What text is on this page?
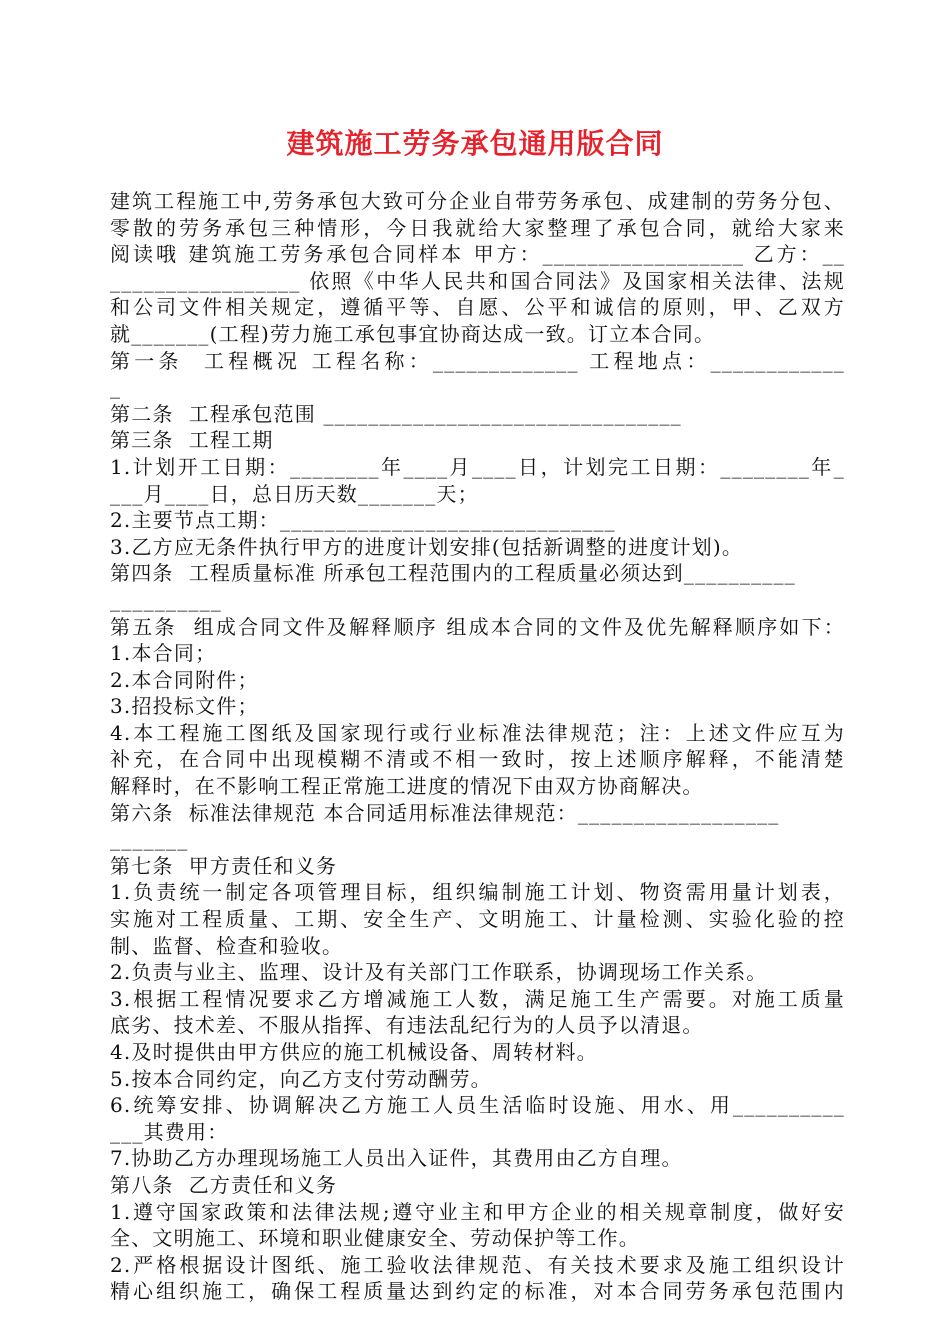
建筑施工劳务承包通用版合同
建筑工程施工中,劳务承包大致可分企业自带劳务承包、成建制的劳务分包、
零散的劳务承包三种情形，今日我就给大家整理了承包合同，就给大家来
阅读哦 建筑施工劳务承包合同样本 甲方：__________________ 乙方：__
_________________ 依照《中华人民共和国合同法》及国家相关法律、法规
和公司文件相关规定，遵循平等、自愿、公平和诚信的原则，甲、乙双方
就_______(工程)劳力施工承包事宜协商达成一致。订立本合同。
第一条  工程概况 工程名称：_____________ 工程地点：____________
_
第二条  工程承包范围 ________________________________
第三条  工程工期
1.计划开工日期：________年____月____日，计划完工日期：________年_
___月____日，总日历天数_______天；
2.主要节点工期：______________________________
3.乙方应无条件执行甲方的进度计划安排(包括新调整的进度计划)。
第四条  工程质量标准 所承包工程范围内的工程质量必须达到__________
__________
第五条  组成合同文件及解释顺序 组成本合同的文件及优先解释顺序如下：
1.本合同；
2.本合同附件；
3.招投标文件；
4.本工程施工图纸及国家现行或行业标准法律规范；注：上述文件应互为
补充，在合同中出现模糊不清或不相一致时，按上述顺序解释，不能清楚
解释时，在不影响工程正常施工进度的情况下由双方协商解决。
第六条  标准法律规范 本合同适用标准法律规范：__________________
_______
第七条  甲方责任和义务
1.负责统一制定各项管理目标，组织编制施工计划、物资需用量计划表，
实施对工程质量、工期、安全生产、文明施工、计量检测、实验化验的控
制、监督、检查和验收。
2.负责与业主、监理、设计及有关部门工作联系，协调现场工作关系。
3.根据工程情况要求乙方增减施工人数，满足施工生产需要。对施工质量
底劣、技术差、不服从指挥、有违法乱纪行为的人员予以清退。
4.及时提供由甲方供应的施工机械设备、周转材料。
5.按本合同约定，向乙方支付劳动酬劳。
6.统筹安排、协调解决乙方施工人员生活临时设施、用水、用__________
___其费用：
7.协助乙方办理现场施工人员出入证件，其费用由乙方自理。
第八条  乙方责任和义务
1.遵守国家政策和法律法规;遵守业主和甲方企业的相关规章制度，做好安
全、文明施工、环境和职业健康安全、劳动保护等工作。
2.严格根据设计图纸、施工验收法律规范、有关技术要求及施工组织设计
精心组织施工，确保工程质量达到约定的标准，对本合同劳务承包范围内
